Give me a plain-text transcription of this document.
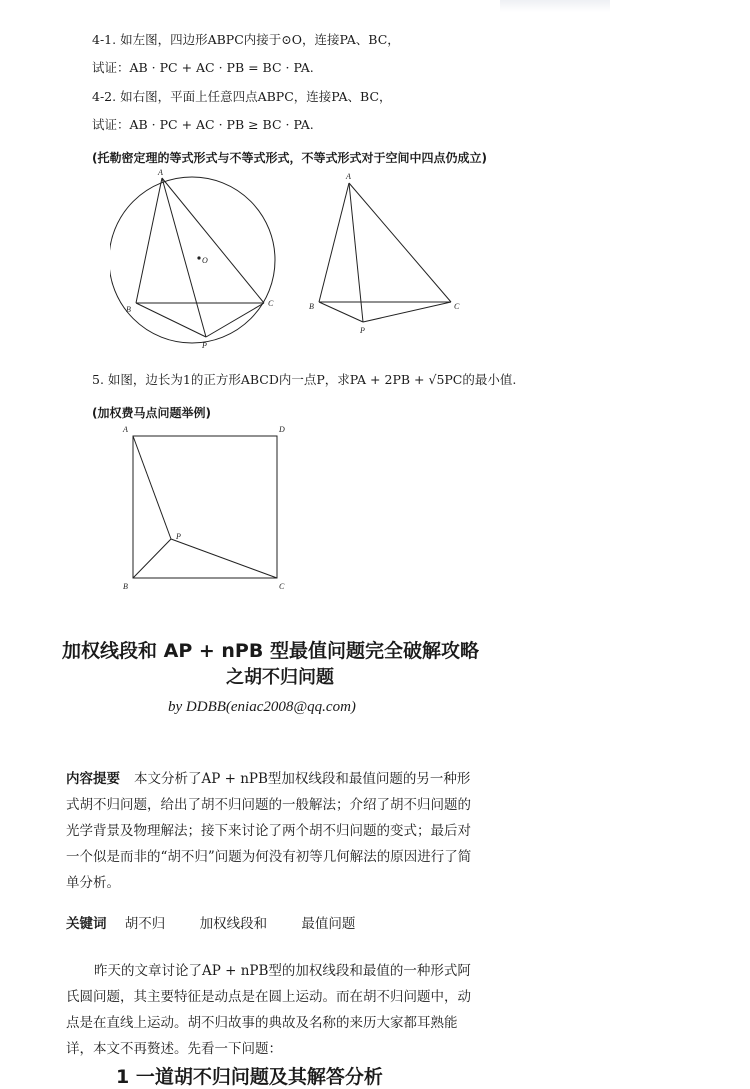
4-1. 如左图，四边形ABPC内接于⊙O，连接PA、BC，
试证：AB · PC + AC · PB = BC · PA.
4-2. 如右图，平面上任意四点ABPC，连接PA、BC，
试证：AB · PC + AC · PB ≥ BC · PA.
(托勒密定理的等式形式与不等式形式，不等式形式对于空间中四点仍成立)
A
B
C
P
O
A
B	C
P
5. 如图，边长为1的正方形ABCD内一点P，求PA + 2PB + √5PC的最小值.
(加权费马点问题举例)
A	D
B	C
P
加权线段和 AP + nPB 型最值问题完全破解攻略
之胡不归问题
by DDBB(eniac2008@qq.com)
内容提要 本文分析了AP + nPB型加权线段和最值问题的另一种形式胡不归问题，给出了胡不归问题的一般解法；介绍了胡不归问题的光学背景及物理解法；接下来讨论了两个胡不归问题的变式；最后对一个似是而非的“胡不归”问题为何没有初等几何解法的原因进行了简单分析。
关键词 胡不归	加权线段和	最值问题
昨天的文章讨论了AP + nPB型的加权线段和最值的一种形式阿氏圆问题，其主要特征是动点是在圆上运动。而在胡不归问题中，动点是在直线上运动。胡不归故事的典故及名称的来历大家都耳熟能详，本文不再赘述。先看一下问题：
1 一道胡不归问题及其解答分析
